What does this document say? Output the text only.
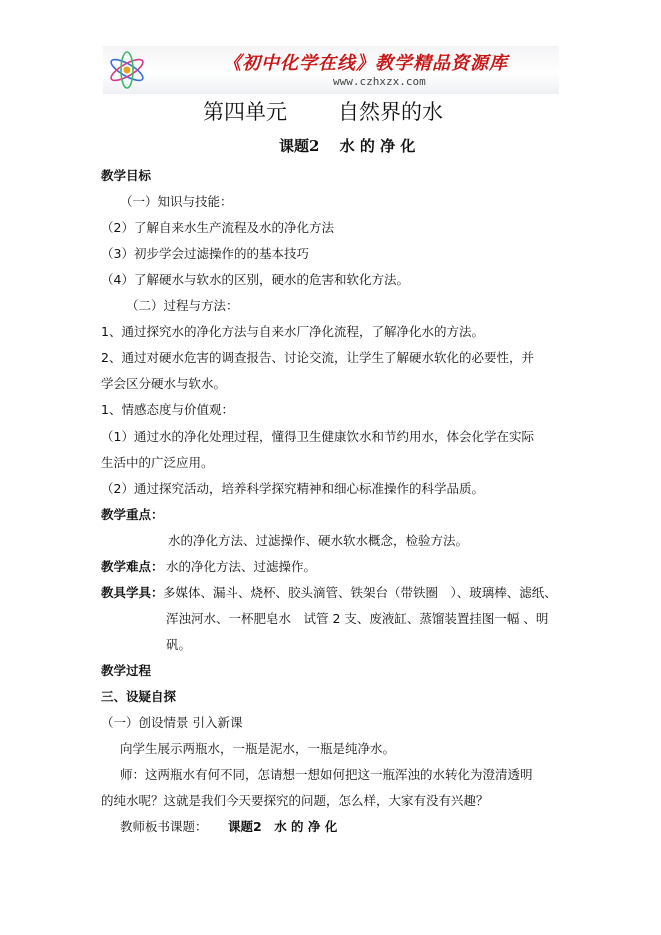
《初中化学在线》教学精品资源库
www.czhxzx.com
第四单元 自然界的水
课题2　 水 的 净 化
教学目标
（一）知识与技能：
（2）了解自来水生产流程及水的净化方法
（3）初步学会过滤操作的的基本技巧
（4）了解硬水与软水的区别，硬水的危害和软化方法。
（二）过程与方法：
1、通过探究水的净化方法与自来水厂净化流程，了解净化水的方法。
2、通过对硬水危害的调查报告、讨论交流，让学生了解硬水软化的必要性，并
学会区分硬水与软水。
1、情感态度与价值观：
（1）通过水的净化处理过程，懂得卫生健康饮水和节约用水，体会化学在实际
生活中的广泛应用。
（2）通过探究活动，培养科学探究精神和细心标准操作的科学品质。
教学重点：
水的净化方法、过滤操作、硬水软水概念，检验方法。
教学难点： 水的净化方法、过滤操作。
教具学具： 多媒体、漏斗、烧杯、胶头滴管、铁架台（带铁圈　）、玻璃棒、滤纸、
浑浊河水、一杯肥皂水　试管 2 支、废液缸、蒸馏装置挂图一幅 、明
矾。
教学过程
三、设疑自探
（一）创设情景 引入新课
向学生展示两瓶水，一瓶是泥水，一瓶是纯净水。
师：这两瓶水有何不同，怎请想一想如何把这一瓶浑浊的水转化为澄清透明
的纯水呢？这就是我们今天要探究的问题，怎么样，大家有没有兴趣？
教师板书课题： 课题2　水 的 净 化
